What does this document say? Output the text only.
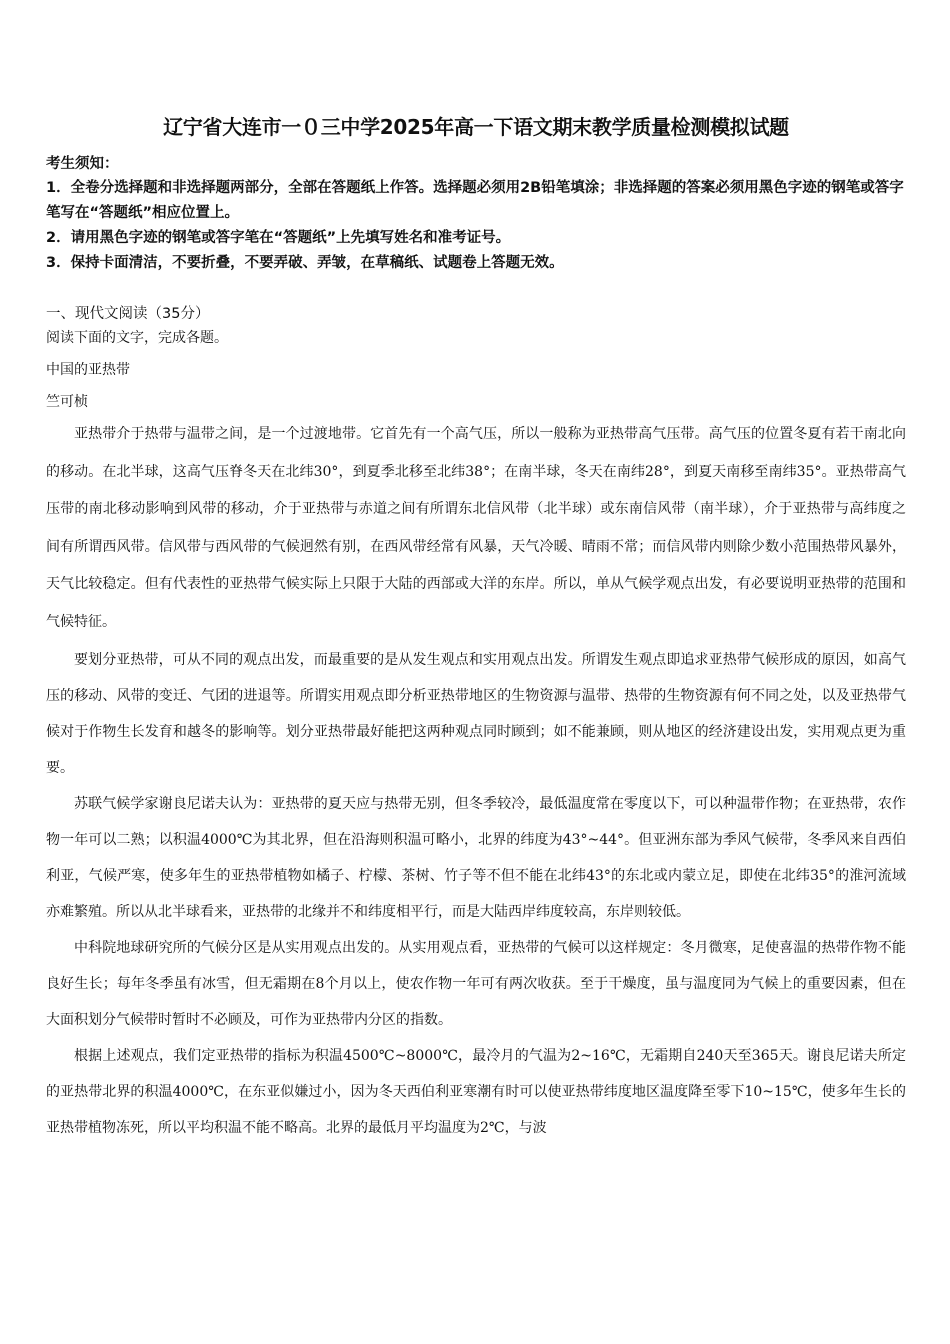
辽宁省大连市一０三中学2025年高一下语文期末教学质量检测模拟试题

考生须知：

1．全卷分选择题和非选择题两部分，全部在答题纸上作答。选择题必须用2B铅笔填涂；非选择题的答案必须用黑色字迹的钢笔或答字笔写在“答题纸”相应位置上。

2．请用黑色字迹的钢笔或答字笔在“答题纸”上先填写姓名和准考证号。

3．保持卡面清洁，不要折叠，不要弄破、弄皱，在草稿纸、试题卷上答题无效。

一、现代文阅读（35分）

阅读下面的文字，完成各题。

中国的亚热带

竺可桢

亚热带介于热带与温带之间，是一个过渡地带。它首先有一个高气压，所以一般称为亚热带高气压带。高气压的位置冬夏有若干南北向的移动。在北半球，这高气压脊冬天在北纬30°，到夏季北移至北纬38°；在南半球，冬天在南纬28°，到夏天南移至南纬35°。亚热带高气压带的南北移动影响到风带的移动，介于亚热带与赤道之间有所谓东北信风带（北半球）或东南信风带（南半球），介于亚热带与高纬度之间有所谓西风带。信风带与西风带的气候迥然有别，在西风带经常有风暴，天气冷暖、晴雨不常；而信风带内则除少数小范围热带风暴外，天气比较稳定。但有代表性的亚热带气候实际上只限于大陆的西部或大洋的东岸。所以，单从气候学观点出发，有必要说明亚热带的范围和气候特征。

要划分亚热带，可从不同的观点出发，而最重要的是从发生观点和实用观点出发。所谓发生观点即追求亚热带气候形成的原因，如高气压的移动、风带的变迁、气团的进退等。所谓实用观点即分析亚热带地区的生物资源与温带、热带的生物资源有何不同之处，以及亚热带气候对于作物生长发育和越冬的影响等。划分亚热带最好能把这两种观点同时顾到；如不能兼顾，则从地区的经济建设出发，实用观点更为重要。

苏联气候学家谢良尼诺夫认为：亚热带的夏天应与热带无别，但冬季较冷，最低温度常在零度以下，可以种温带作物；在亚热带，农作物一年可以二熟；以积温4000℃为其北界，但在沿海则积温可略小，北界的纬度为43°~44°。但亚洲东部为季风气候带，冬季风来自西伯利亚，气候严寒，使多年生的亚热带植物如橘子、柠檬、茶树、竹子等不但不能在北纬43°的东北或内蒙立足，即使在北纬35°的淮河流域亦难繁殖。所以从北半球看来，亚热带的北缘并不和纬度相平行，而是大陆西岸纬度较高，东岸则较低。

中科院地球研究所的气候分区是从实用观点出发的。从实用观点看，亚热带的气候可以这样规定：冬月微寒，足使喜温的热带作物不能良好生长；每年冬季虽有冰雪，但无霜期在8个月以上，使农作物一年可有两次收获。至于干燥度，虽与温度同为气候上的重要因素，但在大面积划分气候带时暂时不必顾及，可作为亚热带内分区的指数。

根据上述观点，我们定亚热带的指标为积温4500℃~8000℃，最冷月的气温为2~16℃，无霜期自240天至365天。谢良尼诺夫所定的亚热带北界的积温4000℃，在东亚似嫌过小，因为冬天西伯利亚寒潮有时可以使亚热带纬度地区温度降至零下10~15℃，使多年生长的亚热带植物冻死，所以平均积温不能不略高。北界的最低月平均温度为2℃，与波
